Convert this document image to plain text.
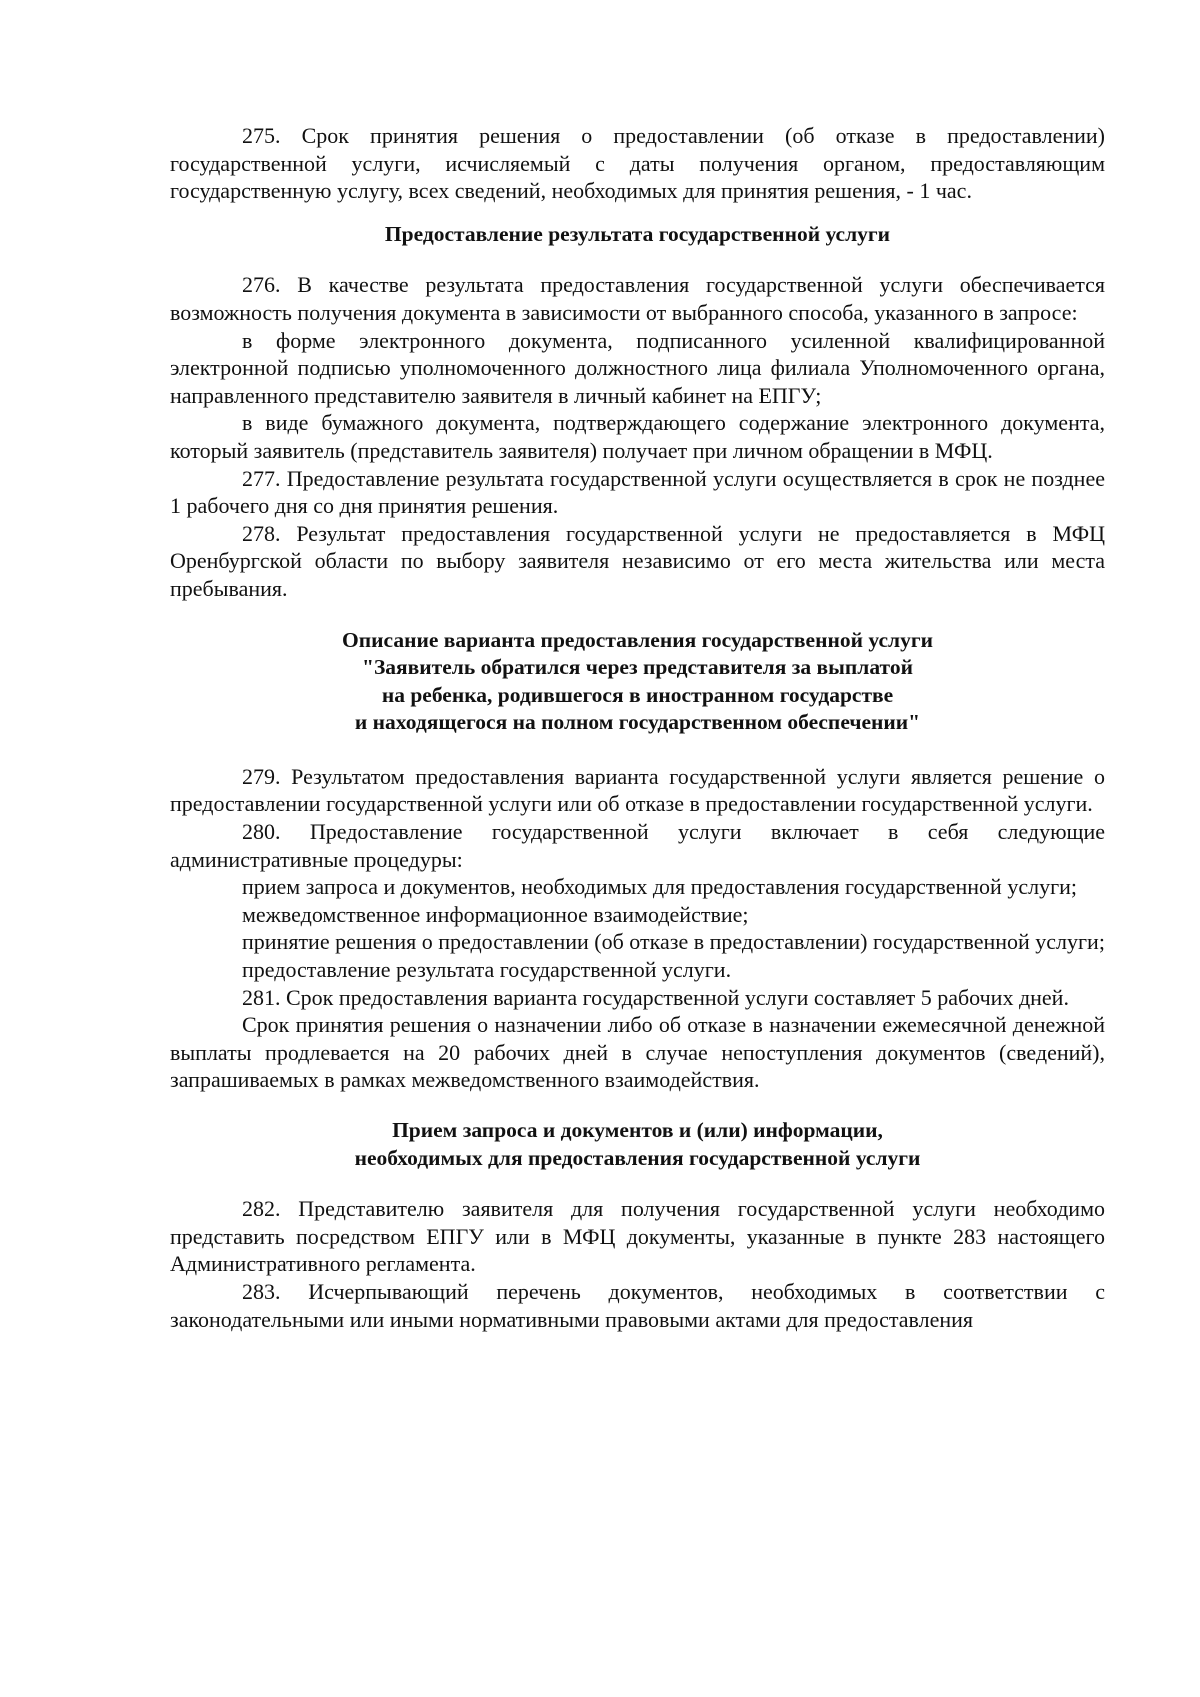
275. Срок принятия решения о предоставлении (об отказе в предоставлении) государственной услуги, исчисляемый с даты получения органом, предоставляющим государственную услугу, всех сведений, необходимых для принятия решения, - 1 час.

Предоставление результата государственной услуги

276. В качестве результата предоставления государственной услуги обеспечивается возможность получения документа в зависимости от выбранного способа, указанного в запросе:

в форме электронного документа, подписанного усиленной квалифицированной электронной подписью уполномоченного должностного лица филиала Уполномоченного органа, направленного представителю заявителя в личный кабинет на ЕПГУ;

в виде бумажного документа, подтверждающего содержание электронного документа, который заявитель (представитель заявителя) получает при личном обращении в МФЦ.

277. Предоставление результата государственной услуги осуществляется в срок не позднее 1 рабочего дня со дня принятия решения.

278. Результат предоставления государственной услуги не предоставляется в МФЦ Оренбургской области по выбору заявителя независимо от его места жительства или места пребывания.

Описание варианта предоставления государственной услуги
"Заявитель обратился через представителя за выплатой
на ребенка, родившегося в иностранном государстве
и находящегося на полном государственном обеспечении"

279. Результатом предоставления варианта государственной услуги является решение о предоставлении государственной услуги или об отказе в предоставлении государственной услуги.

280. Предоставление государственной услуги включает в себя следующие административные процедуры:

прием запроса и документов, необходимых для предоставления государственной услуги;

межведомственное информационное взаимодействие;

принятие решения о предоставлении (об отказе в предоставлении) государственной услуги;

предоставление результата государственной услуги.

281. Срок предоставления варианта государственной услуги составляет 5 рабочих дней.

Срок принятия решения о назначении либо об отказе в назначении ежемесячной денежной выплаты продлевается на 20 рабочих дней в случае непоступления документов (сведений), запрашиваемых в рамках межведомственного взаимодействия.

Прием запроса и документов и (или) информации,
необходимых для предоставления государственной услуги

282. Представителю заявителя для получения государственной услуги необходимо представить посредством ЕПГУ или в МФЦ документы, указанные в пункте 283 настоящего Административного регламента.

283. Исчерпывающий перечень документов, необходимых в соответствии с законодательными или иными нормативными правовыми актами для предоставления
